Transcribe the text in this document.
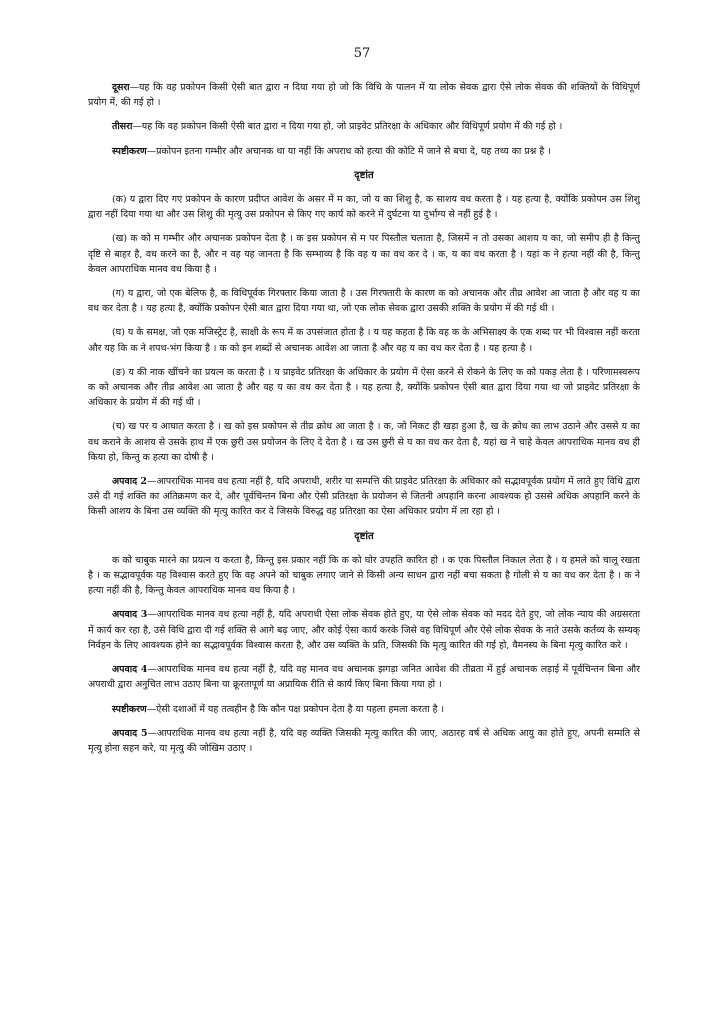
57

दूसरा—यह कि वह प्रकोपन किसी ऐसी बात द्वारा न दिया गया हो जो कि विधि के पालन में या लोक सेवक द्वारा ऐसे लोक सेवक की शक्तियों के विधिपूर्ण प्रयोग में, की गई हो ।

तीसरा—यह कि वह प्रकोपन किसी ऐसी बात द्वारा न दिया गया हो, जो प्राइवेट प्रतिरक्षा के अधिकार और विधिपूर्ण प्रयोग में की गई हो ।

स्पष्टीकरण—प्रकोपन इतना गम्भीर और अचानक था या नहीं कि अपराध को हत्या की कोटि में जाने से बचा दे, यह तथ्य का प्रश्न है ।

दृष्टांत

(क) य द्वारा दिए गए प्रकोपन के कारण प्रदीप्त आवेश के असर में म का, जो य का शिशु है, क साशय वध करता है । यह हत्या है, क्योंकि प्रकोपन उस शिशु द्वारा नहीं दिया गया था और उस शिशु की मृत्यु उस प्रकोपन से किए गए कार्य को करने में दुर्घटना या दुर्भाग्य से नहीं हुई है ।

(ख) क को म गम्भीर और अचानक प्रकोपन देता है । क इस प्रकोपन से म पर पिस्तौल चलाता है, जिसमें न तो उसका आशय य का, जो समीप ही है किन्तु दृष्टि से बाहर है, वध करने का है, और न वह यह जानता है कि सम्भाव्य है कि वह य का वध कर दे । क, य का वध करता है । यहां क ने हत्या नहीं की है, किन्तु केवल आपराधिक मानव वध किया है ।

(ग) य द्वारा, जो एक बेलिफ है, क विधिपूर्वक गिरफ्तार किया जाता है । उस गिरफ्तारी के कारण क को अचानक और तीव्र आवेश आ जाता है और वह य का वध कर देता है । यह हत्या है, क्योंकि प्रकोपन ऐसी बात द्वारा दिया गया था, जो एक लोक सेवक द्वारा उसकी शक्ति के प्रयोग में की गई थी ।

(घ) य के समक्ष, जो एक मजिस्ट्रेट है, साक्षी के रूप में क उपसंजात होता है । य यह कहता है कि वह क के अभिसाक्ष्य के एक शब्द पर भी विश्वास नहीं करता और यह कि क ने शपथ-भंग किया है । क को इन शब्दों से अचानक आवेश आ जाता है और वह य का वध कर देता है । यह हत्या है ।

(ङ) य की नाक खींचने का प्रयत्न क करता है । य प्राइवेट प्रतिरक्षा के अधिकार के प्रयोग में ऐसा करने से रोकने के लिए क को पकड़ लेता है । परिणामस्वरूप क को अचानक और तीव्र आवेश आ जाता है और वह य का वध कर देता है । यह हत्या है, क्योंकि प्रकोपन ऐसी बात द्वारा दिया गया था जो प्राइवेट प्रतिरक्षा के अधिकार के प्रयोग में की गई थी ।

(च) ख पर य आघात करता है । ख को इस प्रकोपन से तीव्र क्रोध आ जाता है । क, जो निकट ही खड़ा हुआ है, ख के क्रोध का लाभ उठाने और उससे य का वध कराने के आशय से उसके हाथ में एक छुरी उस प्रयोजन के लिए दे देता है । ख उस छुरी से य का वध कर देता है, यहां ख ने चाहे केवल आपराधिक मानव वध ही किया हो, किन्तु क हत्या का दोषी है ।

अपवाद 2—आपराधिक मानव वध हत्या नहीं है, यदि अपराधी, शरीर या सम्पत्ति की प्राइवेट प्रतिरक्षा के अधिकार को सद्भावपूर्वक प्रयोग में लाते हुए विधि द्वारा उसे दी गई शक्ति का अतिक्रमण कर दे, और पूर्वचिन्तन बिना और ऐसी प्रतिरक्षा के प्रयोजन से जितनी अपहानि करना आवश्यक हो उससे अधिक अपहानि करने के किसी आशय के बिना उस व्यक्ति की मृत्यु कारित कर दे जिसके विरुद्ध वह प्रतिरक्षा का ऐसा अधिकार प्रयोग में ला रहा हो ।

दृष्टांत

क को चाबुक मारने का प्रयत्न य करता है, किन्तु इस प्रकार नहीं कि क को घोर उपहति कारित हो । क एक पिस्तौल निकाल लेता है । य हमले को चालू रखता है । क सद्भावपूर्वक यह विश्वास करते हुए कि वह अपने को चाबुक लगाए जाने से किसी अन्य साधन द्वारा नहीं बचा सकता है गोली से य का वध कर देता है । क ने हत्या नहीं की है, किन्तु केवल आपराधिक मानव वध किया है ।

अपवाद 3—आपराधिक मानव वध हत्या नहीं है, यदि अपराधी ऐसा लोक सेवक होते हुए, या ऐसे लोक सेवक को मदद देते हुए, जो लोक न्याय की अग्रसरता में कार्य कर रहा है, उसे विधि द्वारा दी गई शक्ति से आगे बढ़ जाए, और कोई ऐसा कार्य करके जिसे वह विधिपूर्ण और ऐसे लोक सेवक के नाते उसके कर्तव्य के सम्यक् निर्वहन के लिए आवश्यक होने का सद्भावपूर्वक विश्वास करता है, और उस व्यक्ति के प्रति, जिसकी कि मृत्यु कारित की गई हो, वैमनस्य के बिना मृत्यु कारित करे ।

अपवाद 4—आपराधिक मानव वध हत्या नहीं है, यदि वह मानव वध अचानक झगड़ा जनित आवेश की तीव्रता में हुई अचानक लड़ाई में पूर्वचिन्तन बिना और अपराधी द्वारा अनुचित लाभ उठाए बिना या क्रूरतापूर्ण या अप्रायिक रीति से कार्य किए बिना किया गया हो ।

स्पष्टीकरण—ऐसी दशाओं में यह तत्वहीन है कि कौन पक्ष प्रकोपन देता है या पहला हमला करता है ।

अपवाद 5—आपराधिक मानव वध हत्या नहीं है, यदि वह व्यक्ति जिसकी मृत्यु कारित की जाए, अठारह वर्ष से अधिक आयु का होते हुए, अपनी सम्मति से मृत्यु होना सहन करे, या मृत्यु की जोखिम उठाए ।
